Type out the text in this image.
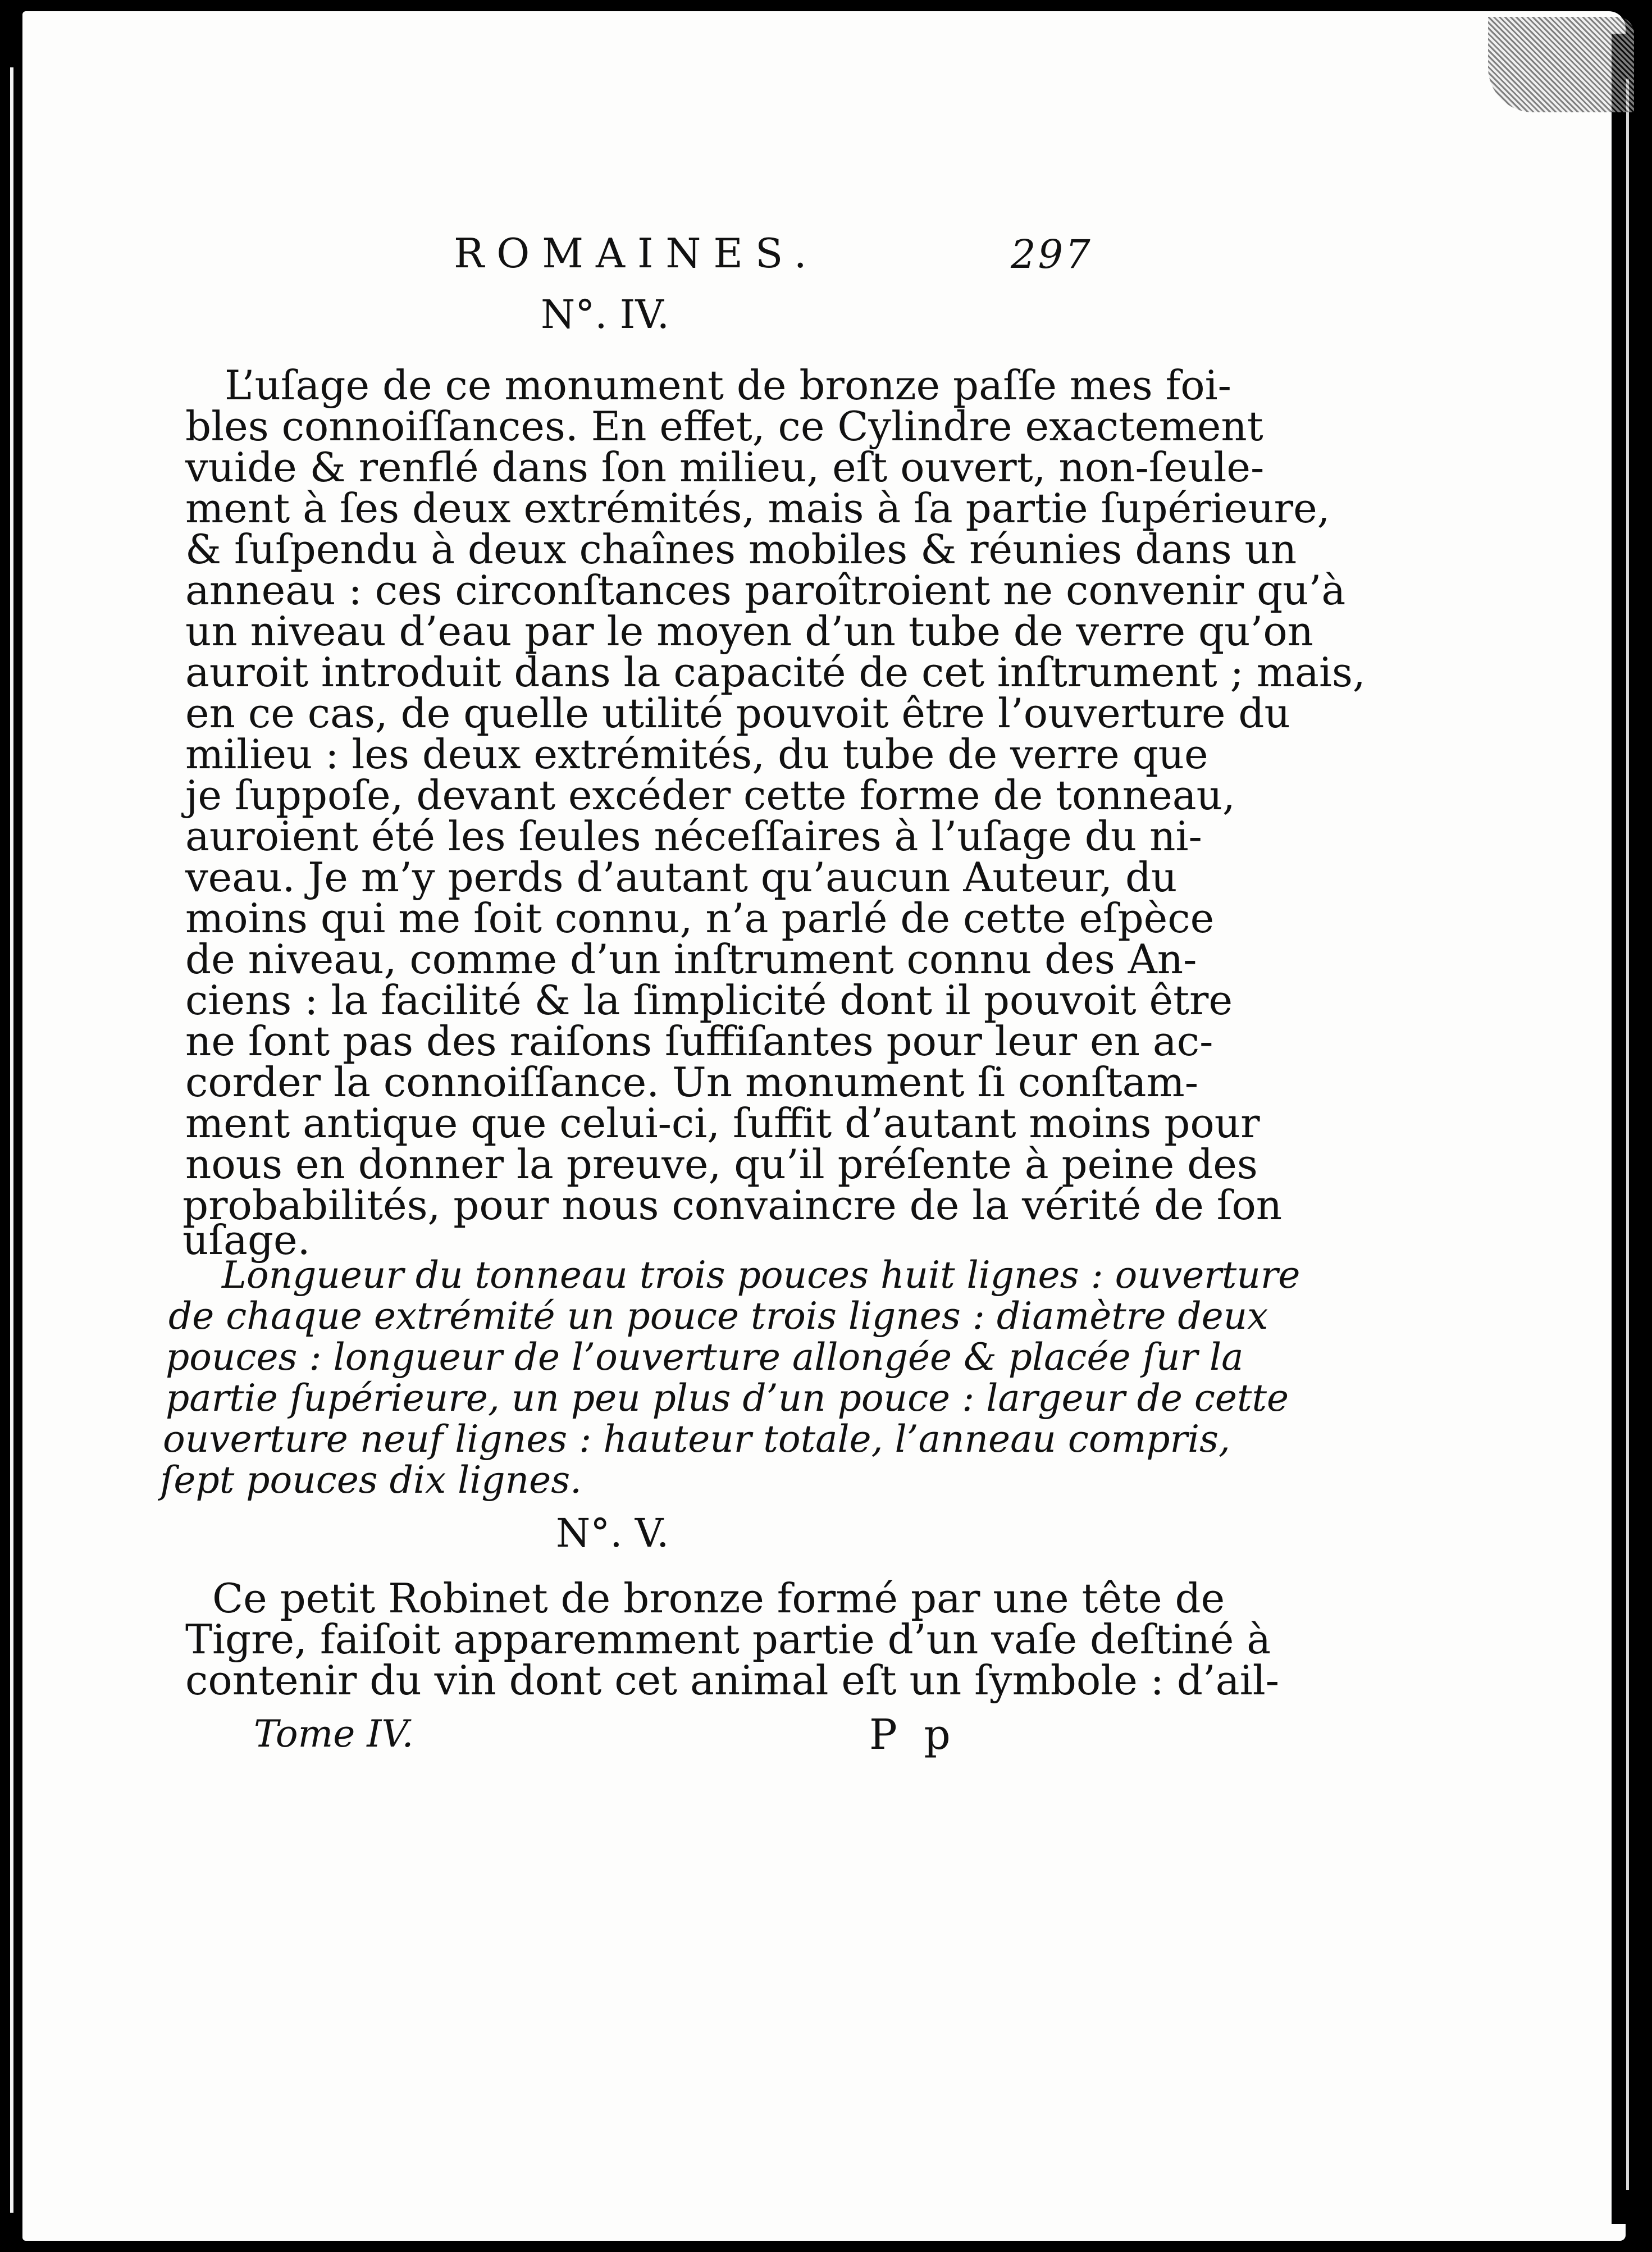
ROMAINES.	297
N°. IV.
L’uſage de ce monument de bronze paſſe mes foi-
bles connoiſſances. En effet, ce Cylindre exactement
vuide & renflé dans ſon milieu, eſt ouvert, non-ſeule-
ment à ſes deux extrémités, mais à ſa partie ſupérieure,
& ſuſpendu à deux chaînes mobiles & réunies dans un
anneau : ces circonſtances paroîtroient ne convenir qu’à
un niveau d’eau par le moyen d’un tube de verre qu’on
auroit introduit dans la capacité de cet inſtrument ; mais,
en ce cas, de quelle utilité pouvoit être l’ouverture du
milieu : les deux extrémités, du tube de verre que
je ſuppoſe, devant excéder cette forme de tonneau,
auroient été les ſeules néceſſaires à l’uſage du ni-
veau. Je m’y perds d’autant qu’aucun Auteur, du
moins qui me ſoit connu, n’a parlé de cette eſpèce
de niveau, comme d’un inſtrument connu des An-
ciens : la facilité & la ſimplicité dont il pouvoit être
ne ſont pas des raiſons ſuffiſantes pour leur en ac-
corder la connoiſſance. Un monument ſi conſtam-
ment antique que celui-ci, ſuffit d’autant moins pour
nous en donner la preuve, qu’il préſente à peine des
probabilités, pour nous convaincre de la vérité de ſon
uſage.
Longueur du tonneau trois pouces huit lignes : ouverture
de chaque extrémité un pouce trois lignes : diamètre deux
pouces : longueur de l’ouverture allongée & placée ſur la
partie ſupérieure, un peu plus d’un pouce : largeur de cette
ouverture neuf lignes : hauteur totale, l’anneau compris,
ſept pouces dix lignes.
N°. V.
Ce petit Robinet de bronze formé par une tête de
Tigre, faiſoit apparemment partie d’un vaſe deſtiné à
contenir du vin dont cet animal eſt un ſymbole : d’ail-
Tome IV.	P p
